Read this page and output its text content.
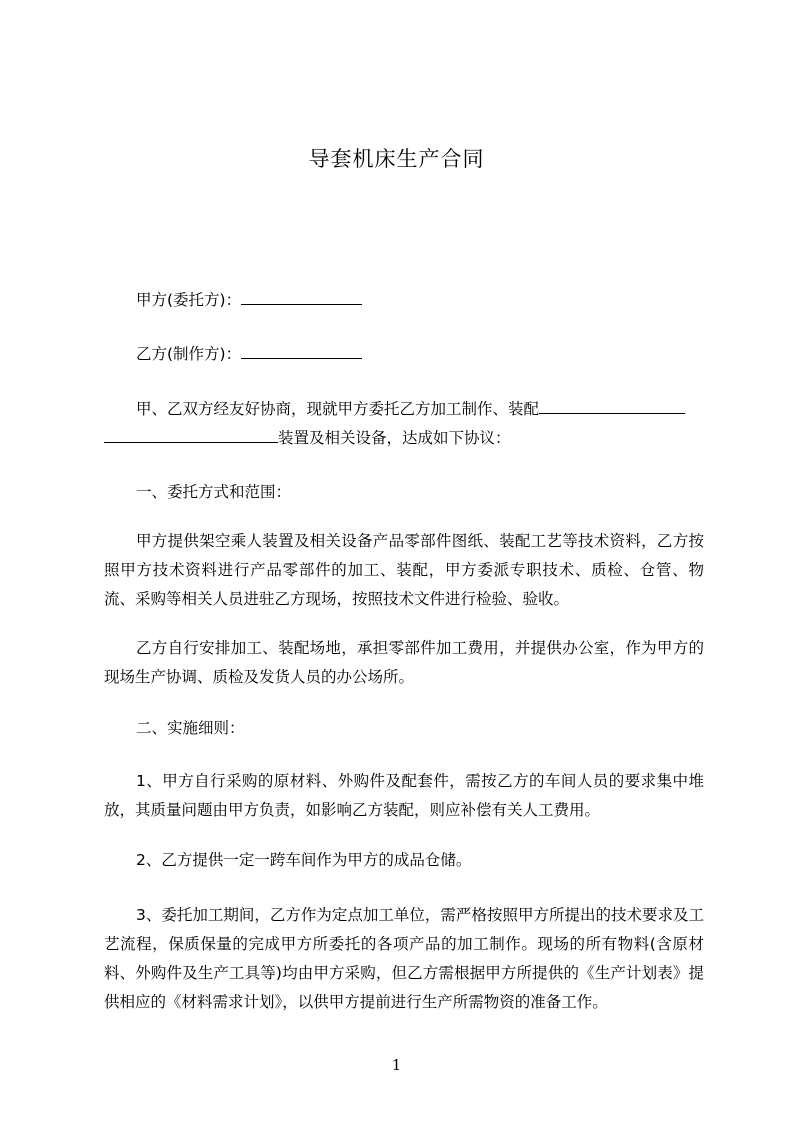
导套机床生产合同
甲方(委托方)：
乙方(制作方)：
甲、乙双方经友好协商，现就甲方委托乙方加工制作、装配
装置及相关设备，达成如下协议：
一、委托方式和范围：
甲方提供架空乘人装置及相关设备产品零部件图纸、装配工艺等技术资料，乙方按照甲方技术资料进行产品零部件的加工、装配，甲方委派专职技术、质检、仓管、物流、采购等相关人员进驻乙方现场，按照技术文件进行检验、验收。
乙方自行安排加工、装配场地，承担零部件加工费用，并提供办公室，作为甲方的现场生产协调、质检及发货人员的办公场所。
二、实施细则：
1、甲方自行采购的原材料、外购件及配套件，需按乙方的车间人员的要求集中堆放，其质量问题由甲方负责，如影响乙方装配，则应补偿有关人工费用。
2、乙方提供一定一跨车间作为甲方的成品仓储。
3、委托加工期间，乙方作为定点加工单位，需严格按照甲方所提出的技术要求及工艺流程，保质保量的完成甲方所委托的各项产品的加工制作。现场的所有物料(含原材料、外购件及生产工具等)均由甲方采购，但乙方需根据甲方所提供的《生产计划表》提供相应的《材料需求计划》，以供甲方提前进行生产所需物资的准备工作。
1
